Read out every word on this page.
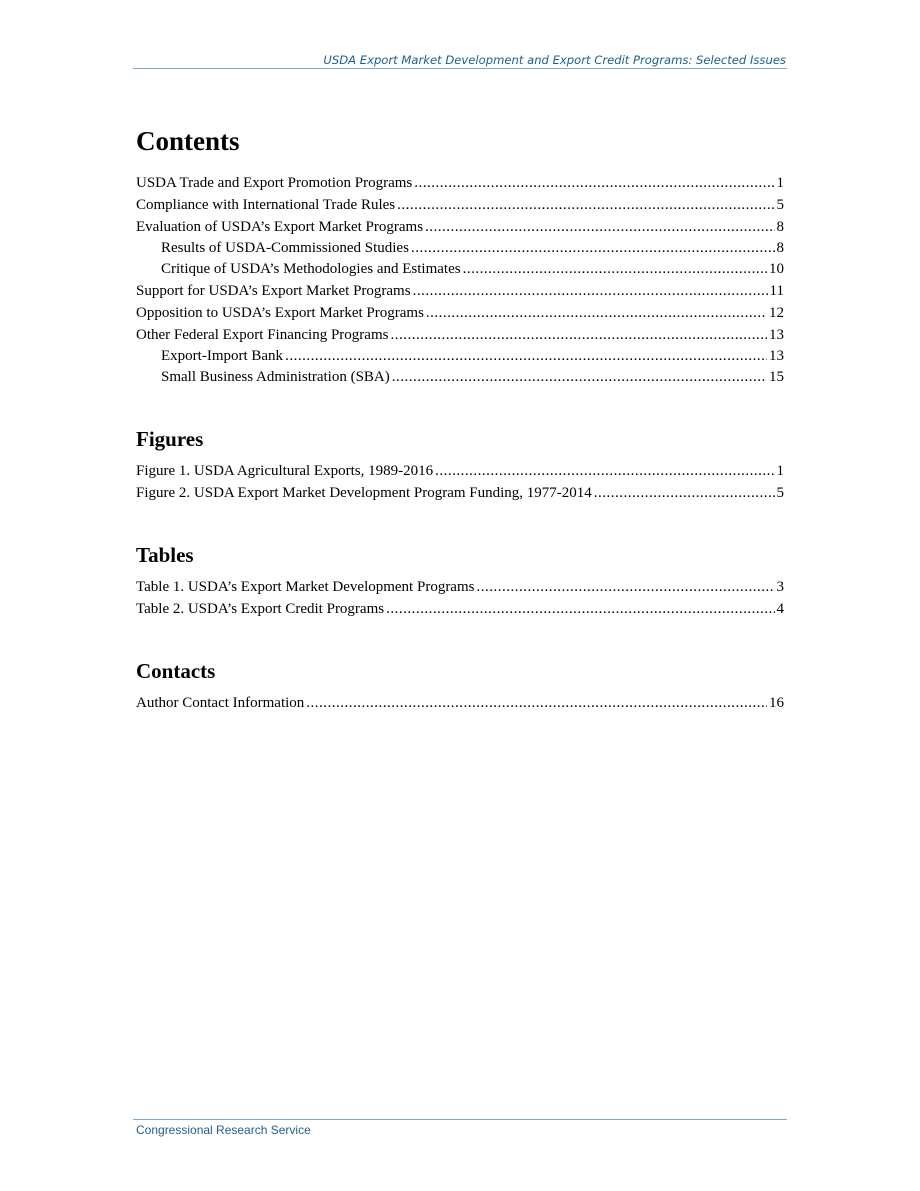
USDA Export Market Development and Export Credit Programs: Selected Issues
Contents
USDA Trade and Export Promotion Programs .....	1
Compliance with International Trade Rules .....	5
Evaluation of USDA’s Export Market Programs .....	8
Results of USDA-Commissioned Studies .....	8
Critique of USDA’s Methodologies and Estimates .....	10
Support for USDA’s Export Market Programs .....	11
Opposition to USDA’s Export Market Programs .....	12
Other Federal Export Financing Programs .....	13
Export-Import Bank .....	13
Small Business Administration (SBA) .....	15
Figures
Figure 1. USDA Agricultural Exports, 1989-2016 .....	1
Figure 2. USDA Export Market Development Program Funding, 1977-2014 .....	5
Tables
Table 1. USDA’s Export Market Development Programs .....	3
Table 2. USDA’s Export Credit Programs .....	4
Contacts
Author Contact Information .....	16
Congressional Research Service
